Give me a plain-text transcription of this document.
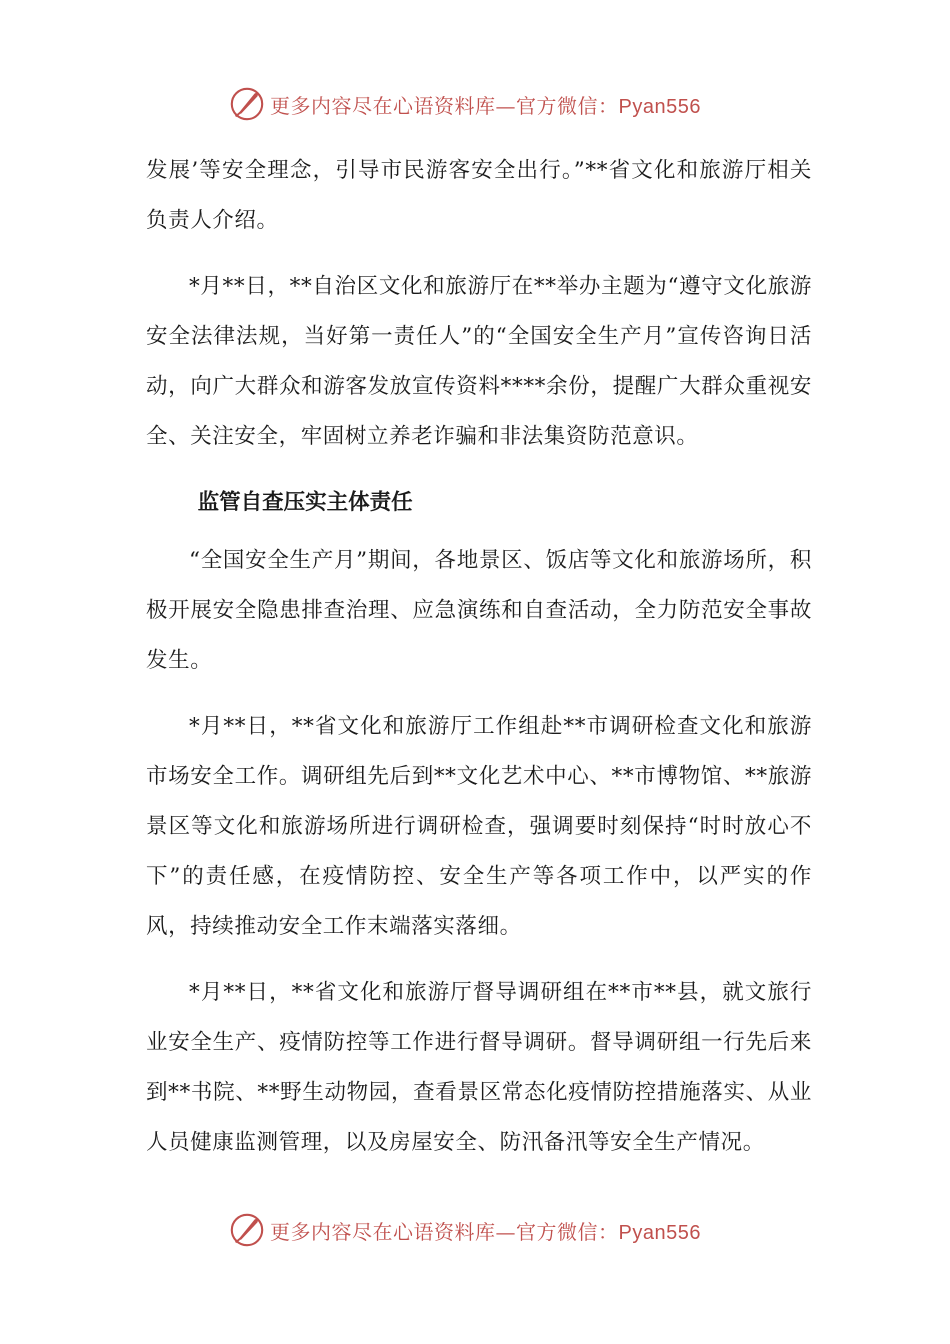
更多内容尽在心语资料库—官方微信：Pyan556

发展’等安全理念，引导市民游客安全出行。”**省文化和旅游厅相关负责人介绍。

*月**日，**自治区文化和旅游厅在**举办主题为“遵守文化旅游安全法律法规，当好第一责任人”的“全国安全生产月”宣传咨询日活动，向广大群众和游客发放宣传资料****余份，提醒广大群众重视安全、关注安全，牢固树立养老诈骗和非法集资防范意识。

监管自查压实主体责任

“全国安全生产月”期间，各地景区、饭店等文化和旅游场所，积极开展安全隐患排查治理、应急演练和自查活动，全力防范安全事故发生。

*月**日，**省文化和旅游厅工作组赴**市调研检查文化和旅游市场安全工作。调研组先后到**文化艺术中心、**市博物馆、**旅游景区等文化和旅游场所进行调研检查，强调要时刻保持“时时放心不下”的责任感，在疫情防控、安全生产等各项工作中，以严实的作风，持续推动安全工作末端落实落细。

*月**日，**省文化和旅游厅督导调研组在**市**县，就文旅行业安全生产、疫情防控等工作进行督导调研。督导调研组一行先后来到**书院、**野生动物园，查看景区常态化疫情防控措施落实、从业人员健康监测管理，以及房屋安全、防汛备汛等安全生产情况。

更多内容尽在心语资料库—官方微信：Pyan556
